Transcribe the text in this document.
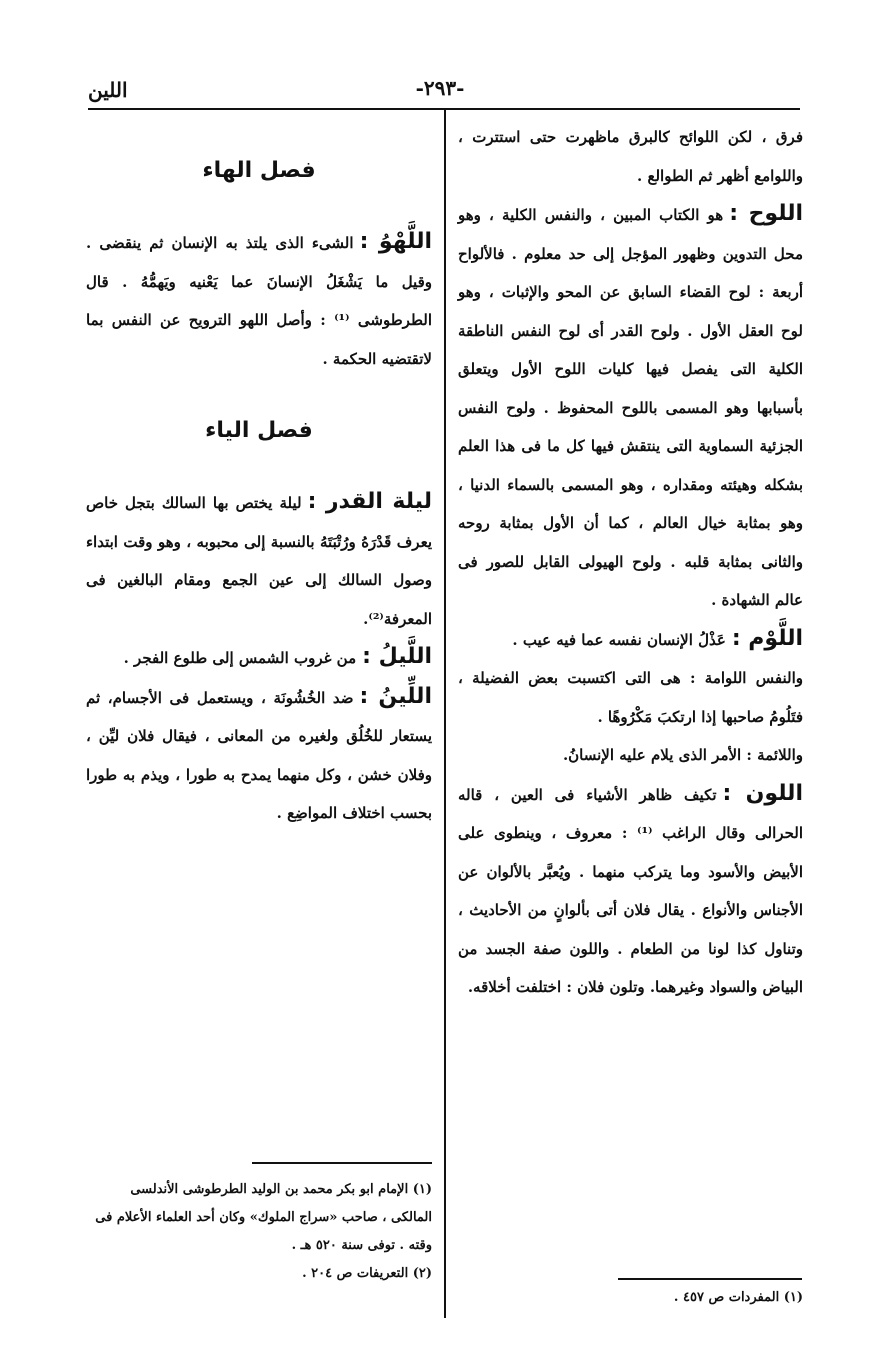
اللين	-٢٩٣-

فرق ، لكن اللوائح كالبرق ماظهرت حتى استترت ، واللوامع أظهر ثم الطوالع .

اللوح :هو الكتاب المبين ، والنفس الكلية ، وهو محل التدوين وظهور المؤجل إلى حد معلوم . فالألواح أربعة : لوح القضاء السابق عن المحو والإثبات ، وهو لوح العقل الأول . ولوح القدر أى لوح النفس الناطقة الكلية التى يفصل فيها كليات اللوح الأول ويتعلق بأسبابها وهو المسمى باللوح المحفوظ . ولوح النفس الجزئية السماوية التى ينتقش فيها كل ما فى هذا العلم بشكله وهيئته ومقداره ، وهو المسمى بالسماء الدنيا ، وهو بمثابة خيال العالم ، كما أن الأول بمثابة روحه والثانى بمثابة قلبه . ولوح الهيولى القابل للصور فى عالم الشهادة .

اللَّوْم :عَذْلُ الإنسان نفسه عما فيه عيب .

والنفس اللوامة : هى التى اكتسبت بعض الفضيلة ، فتَلُومُ صاحبها إذا ارتكبَ مَكْرُوهًا .

واللائمة : الأمر الذى يلام عليه الإنسانُ.

اللون :تكيف ظاهر الأشياء فى العين ، قاله الحرالى وقال الراغب ⁽¹⁾ : معروف ، وينطوى على الأبيض والأسود وما يتركب منهما . ويُعبَّر بالألوان عن الأجناس والأنواع . يقال فلان أتى بألوانٍ من الأحاديث ، وتناول كذا لونا من الطعام . واللون صفة الجسد من البياض والسواد وغيرهما. وتلون فلان : اختلفت أخلاقه.

فصل الهاء

اللَّهْوُ :الشىء الذى يلتذ به الإنسان ثم ينقضى . وقيل ما يَشْغَلُ الإنسانَ عما يَعْنيه ويَهمُّهُ . قال الطرطوشى ⁽¹⁾ : وأصل اللهو الترويح عن النفس بما لاتقتضيه الحكمة .

فصل الياء

ليلة القدر :ليلة يختص بها السالك بتجل خاص يعرف قَدْرَهُ ورُتْبَتَهُ بالنسبة إلى محبوبه ، وهو وقت ابتداء وصول السالك إلى عين الجمع ومقام البالغين فى المعرفة⁽²⁾.

اللَّيلُ :من غروب الشمس إلى طلوع الفجر .

اللِّينُ :ضد الخُشُونَة ، ويستعمل فى الأجسام، ثم يستعار للخُلُق ولغيره من المعانى ، فيقال فلان ليِّن ، وفلان خشن ، وكل منهما يمدح به طورا ، ويذم به طورا بحسب اختلاف المواضِع .

(١) المفردات ص ٤٥٧ .

(١) الإمام ابو بكر محمد بن الوليد الطرطوشى الأندلسى المالكى ، صاحب «سراج الملوك» وكان أحد العلماء الأعلام فى وقته . توفى سنة ٥٢٠ هـ .

(٢) التعريفات ص ٢٠٤ .
